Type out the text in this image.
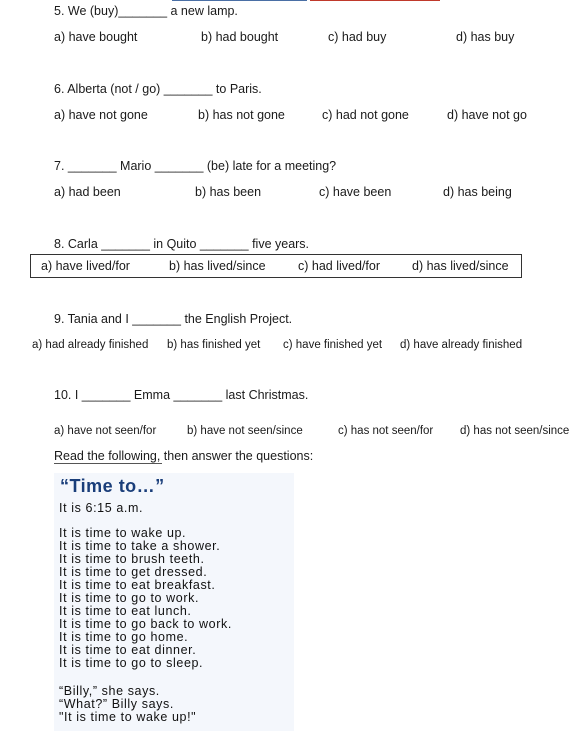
5. We (buy)_______ a new lamp.
a) have bought	b) had bought	c) had buy	d) has buy
6. Alberta (not / go) _______ to Paris.
a) have not gone	b) has not gone	c) had not gone	d) have not go
7. _______ Mario _______ (be) late for a meeting?
a) had been	b) has been	c) have been	d) has being
8. Carla _______ in Quito _______ five years.
a) have lived/for	b) has lived/since	c) had lived/for	d) has lived/since
9. Tania and I _______ the English Project.
a) had already finished b) has finished yet c) have finished yet d) have already finished
10. I _______ Emma _______ last Christmas.
a) have not seen/for	b) have not seen/since	c) has not seen/for d) has not seen/since
Read the following, then answer the questions:
“Time to…”
It is 6:15 a.m.
It is time to wake up.
It is time to take a shower.
It is time to brush teeth.
It is time to get dressed.
It is time to eat breakfast.
It is time to go to work.
It is time to eat lunch.
It is time to go back to work.
It is time to go home.
It is time to eat dinner.
It is time to go to sleep.
“Billy,” she says.
“What?” Billy says.
"It is time to wake up!"
